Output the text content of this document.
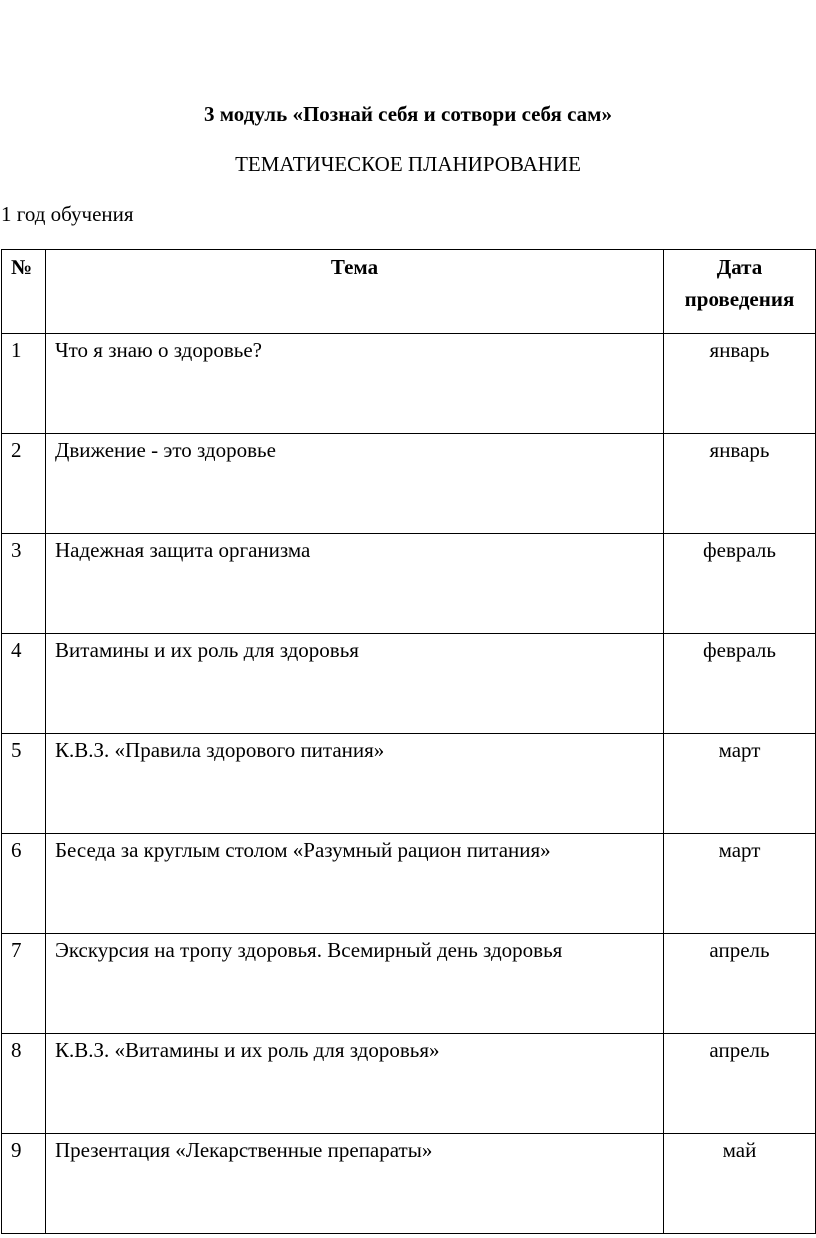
3 модуль «Познай себя и сотвори себя сам»
ТЕМАТИЧЕСКОЕ ПЛАНИРОВАНИЕ
1 год обучения
№	Тема	Дата
проведения

1	Что я знаю о здоровье?	январь
2	Движение - это здоровье	январь
3	Надежная защита организма	февраль
4	Витамины и их роль для здоровья	февраль
5	К.В.З. «Правила здорового питания»	март
6	Беседа за круглым столом «Разумный рацион питания»	март
7	Экскурсия на тропу здоровья. Всемирный день здоровья	апрель
8	К.В.З. «Витамины и их роль для здоровья»	апрель
9	Презентация «Лекарственные препараты»	май
